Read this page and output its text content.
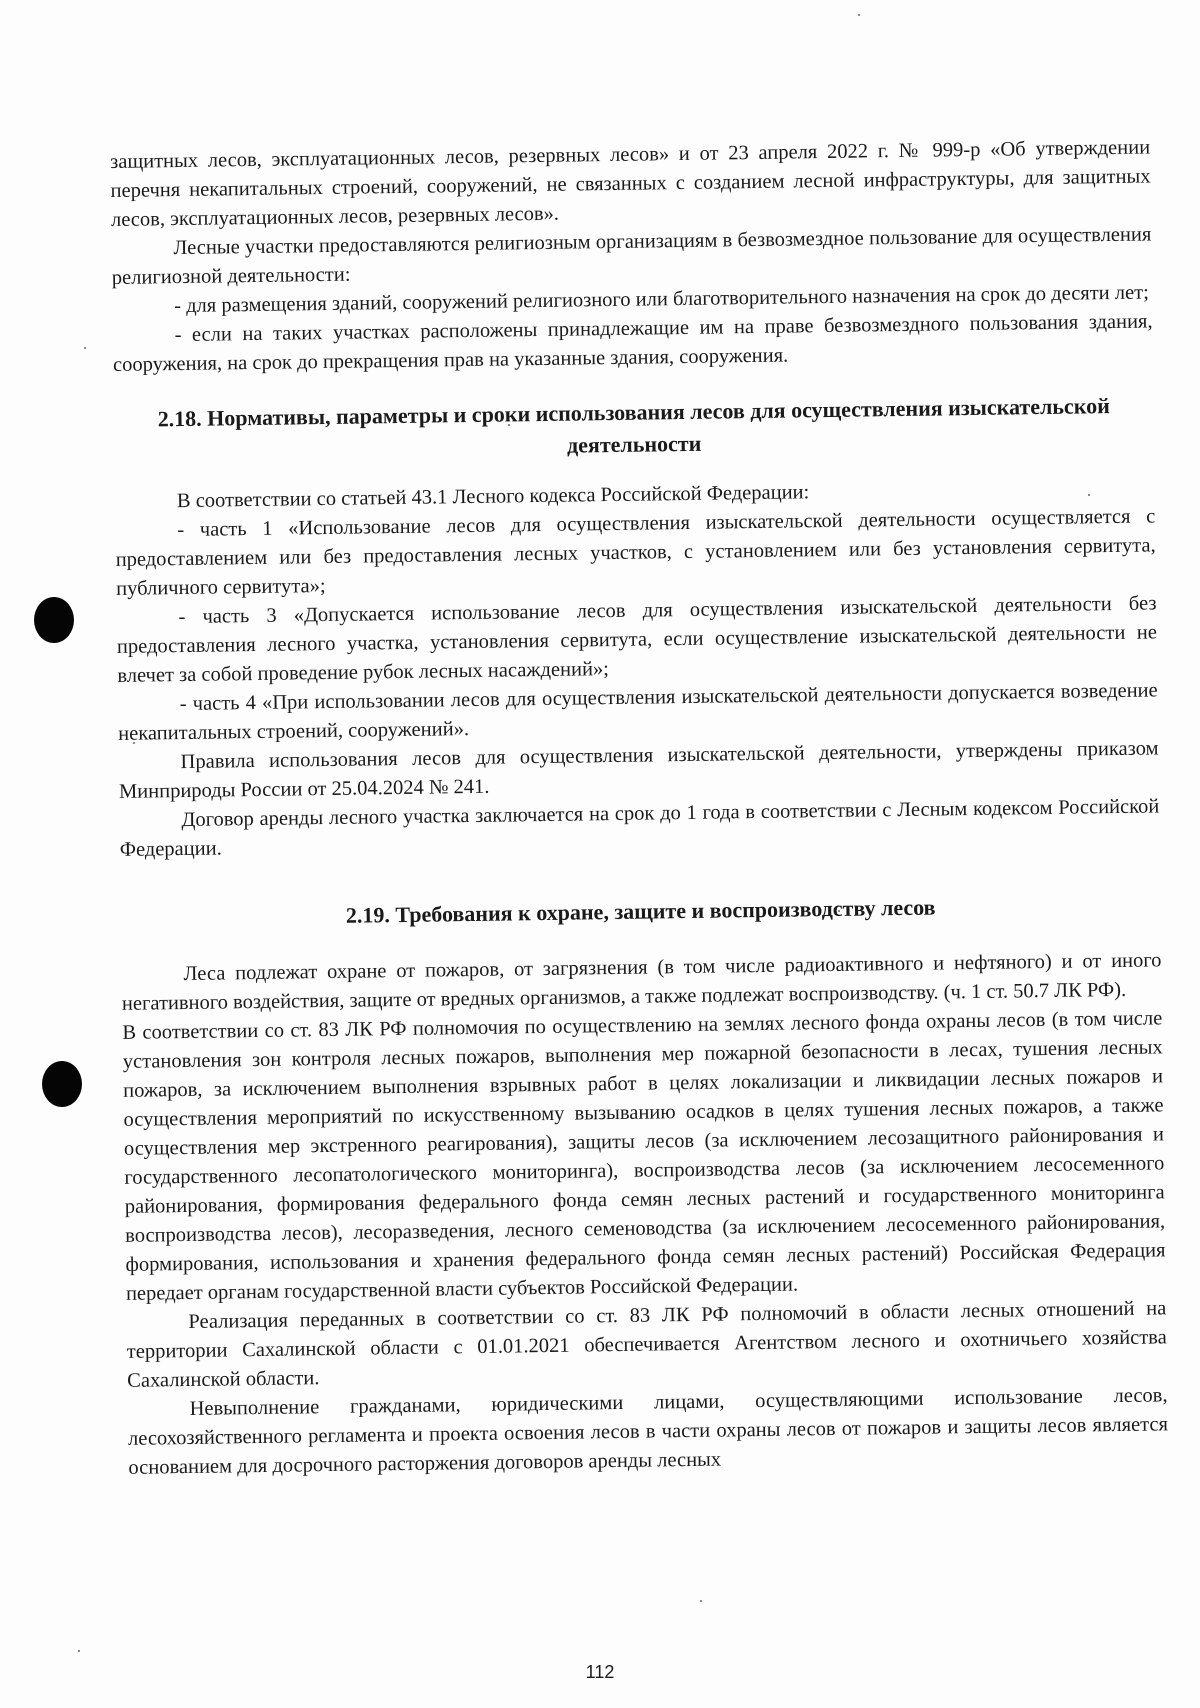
защитных лесов, эксплуатационных лесов, резервных лесов» и от 23 апреля 2022 г. № 999-р «Об утверждении перечня некапитальных строений, сооружений, не связанных с созданием лесной инфраструктуры, для защитных лесов, эксплуатационных лесов, резервных лесов».

Лесные участки предоставляются религиозным организациям в безвозмездное пользование для осуществления религиозной деятельности:

- для размещения зданий, сооружений религиозного или благотворительного назначения на срок до десяти лет;

- если на таких участках расположены принадлежащие им на праве безвозмездного пользования здания, сооружения, на срок до прекращения прав на указанные здания, сооружения.

2.18. Нормативы, параметры и сроки использования лесов для осуществления изыскательской деятельности

В соответствии со статьей 43.1 Лесного кодекса Российской Федерации:

- часть 1 «Использование лесов для осуществления изыскательской деятельности осуществляется с предоставлением или без предоставления лесных участков, с установлением или без установления сервитута, публичного сервитута»;

- часть 3 «Допускается использование лесов для осуществления изыскательской деятельности без предоставления лесного участка, установления сервитута, если осуществление изыскательской деятельности не влечет за собой проведение рубок лесных насаждений»;

- часть 4 «При использовании лесов для осуществления изыскательской деятельности допускается возведение некапитальных строений, сооружений».

Правила использования лесов для осуществления изыскательской деятельности, утверждены приказом Минприроды России от 25.04.2024 № 241.

Договор аренды лесного участка заключается на срок до 1 года в соответствии с Лесным кодексом Российской Федерации.

2.19. Требования к охране, защите и воспроизводству лесов

Леса подлежат охране от пожаров, от загрязнения (в том числе радиоактивного и нефтяного) и от иного негативного воздействия, защите от вредных организмов, а также подлежат воспроизводству. (ч. 1 ст. 50.7 ЛК РФ).

В соответствии со ст. 83 ЛК РФ полномочия по осуществлению на землях лесного фонда охраны лесов (в том числе установления зон контроля лесных пожаров, выполнения мер пожарной безопасности в лесах, тушения лесных пожаров, за исключением выполнения взрывных работ в целях локализации и ликвидации лесных пожаров и осуществления мероприятий по искусственному вызыванию осадков в целях тушения лесных пожаров, а также осуществления мер экстренного реагирования), защиты лесов (за исключением лесозащитного районирования и государственного лесопатологического мониторинга), воспроизводства лесов (за исключением лесосеменного районирования, формирования федерального фонда семян лесных растений и государственного мониторинга воспроизводства лесов), лесоразведения, лесного семеноводства (за исключением лесосеменного районирования, формирования, использования и хранения федерального фонда семян лесных растений) Российская Федерация передает органам государственной власти субъектов Российской Федерации.

Реализация переданных в соответствии со ст. 83 ЛК РФ полномочий в области лесных отношений на территории Сахалинской области с 01.01.2021 обеспечивается Агентством лесного и охотничьего хозяйства Сахалинской области.

Невыполнение гражданами, юридическими лицами, осуществляющими использование лесов, лесохозяйственного регламента и проекта освоения лесов в части охраны лесов от пожаров и защиты лесов является основанием для досрочного расторжения договоров аренды лесных

112
